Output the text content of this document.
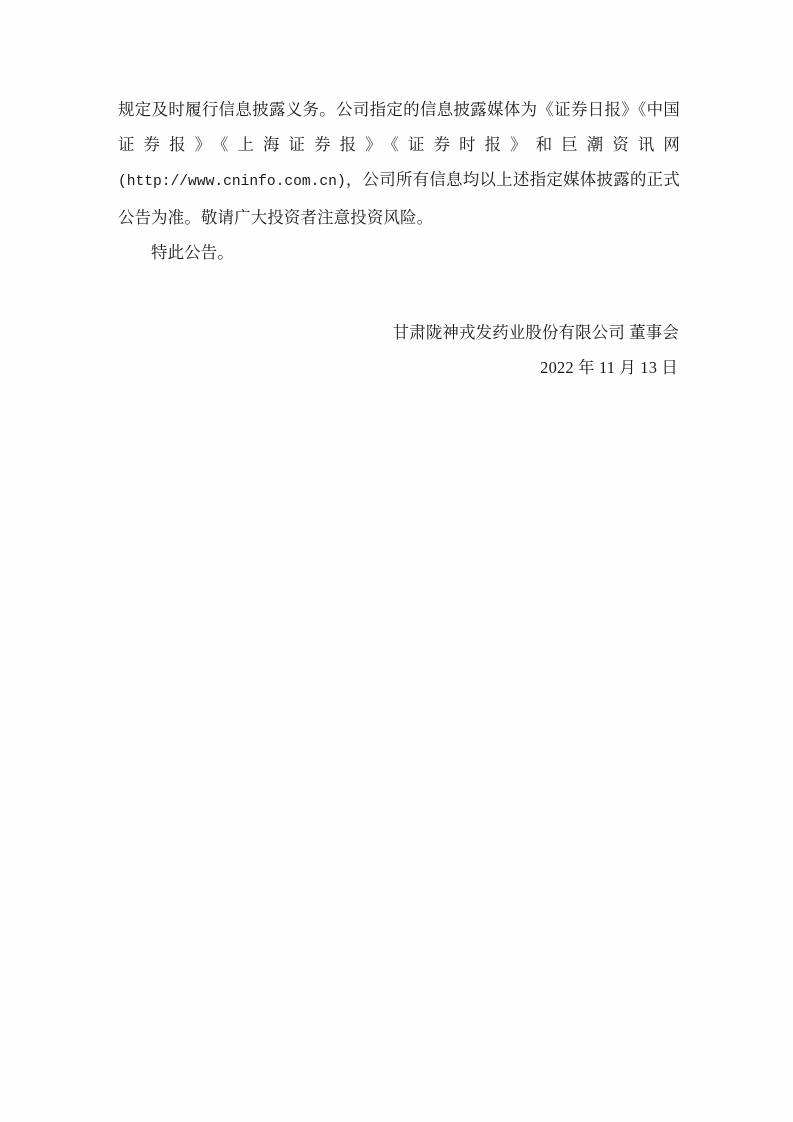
规定及时履行信息披露义务。公司指定的信息披露媒体为《证券日报》《中国证券报》《上海证券报》《证券时报》和巨潮资讯网(http://www.cninfo.com.cn)，公司所有信息均以上述指定媒体披露的正式公告为准。敬请广大投资者注意投资风险。

特此公告。

甘肃陇神戎发药业股份有限公司 董事会
2022 年 11 月 13 日
